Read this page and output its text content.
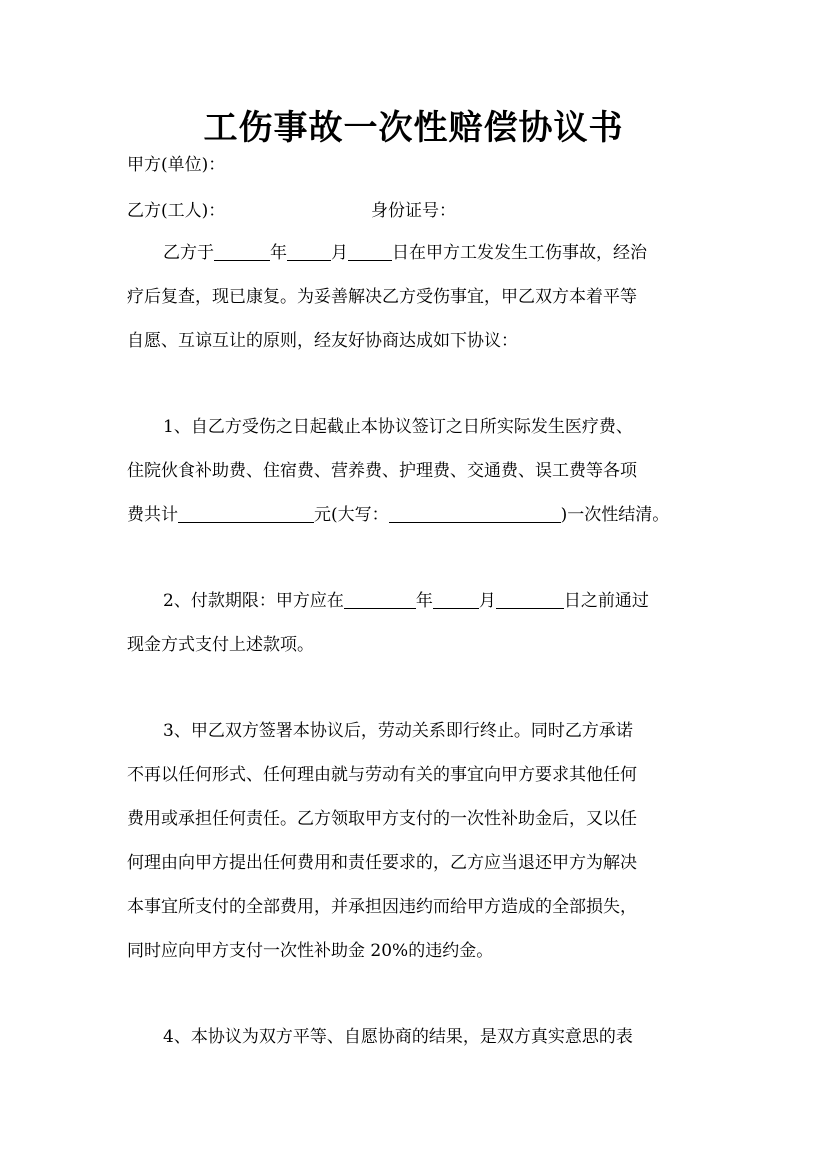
工伤事故一次性赔偿协议书
甲方(单位)：
乙方(工人)：	身份证号：
乙方于	年	月	日在甲方工发发生工伤事故，经治
疗后复查，现已康复。为妥善解决乙方受伤事宜，甲乙双方本着平等
自愿、互谅互让的原则，经友好协商达成如下协议：
1、自乙方受伤之日起截止本协议签订之日所实际发生医疗费、
住院伙食补助费、住宿费、营养费、护理费、交通费、误工费等各项
费共计	元(大写：	)一次性结清。
2、付款期限：甲方应在	年	月	日之前通过
现金方式支付上述款项。
3、甲乙双方签署本协议后，劳动关系即行终止。同时乙方承诺
不再以任何形式、任何理由就与劳动有关的事宜向甲方要求其他任何
费用或承担任何责任。乙方领取甲方支付的一次性补助金后，又以任
何理由向甲方提出任何费用和责任要求的，乙方应当退还甲方为解决
本事宜所支付的全部费用，并承担因违约而给甲方造成的全部损失，
同时应向甲方支付一次性补助金 20%的违约金。
4、本协议为双方平等、自愿协商的结果，是双方真实意思的表
